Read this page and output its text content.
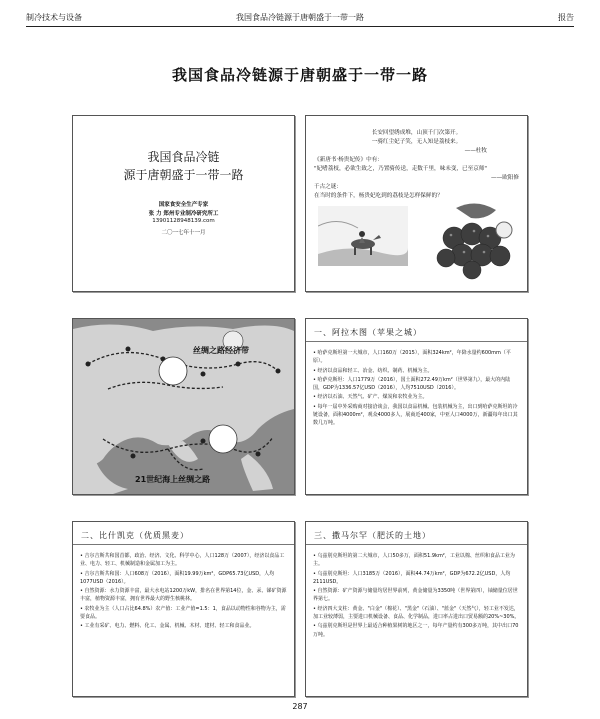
制冷技术与设备	我国食品冷链源于唐朝盛于一带一路	报告
我国食品冷链源于唐朝盛于一带一路
我国食品冷链
源于唐朝盛于一带一路
国家食安全生产专家
张 力 郑州专业制冷研究所工
13901128948139.com
二〇一七年十一月
长安回望绣成堆，山顶千门次第开。
一骑红尘妃子笑，无人知是荔枝来。
——杜牧
《新唐书·杨贵妃传》中有：
"妃嗜荔枝，必欲生致之，乃置骑传送，走数千里，味未变，已至京师"
——欧阳修
千古之谜：
在当时的条件下，杨贵妃吃到的荔枝是怎样保鲜的？
丝绸之路经济带
21世纪海上丝绸之路
一、阿拉木图（苹果之城）
• 哈萨克斯坦第一大城市，人口160万（2015），面积324km²，年降水量约600mm（平原）。
• 经济以食品和轻工、冶金、纺织、制药、机械为主。
• 哈萨克斯坦：人口1779万（2016），国土面积272.49万km²（世界第九），最大的内陆国，GDP为1336.57亿USD（2016），人均7510USD（2016）。
• 经济以石油、天然气、矿产、煤炭和农牧业为主。
• 每年一届中外采购商对接洽谈会，我国以食品机械、包装机械为主，出口到哈萨克斯坦的冷链设备，面积4000m²，观众4000多人，展商近400家，中亚人口4000万，新疆每年出口其数几万吨。
二、比什凯克（优质黑麦）
• 吉尔吉斯共和国首都，政治、经济、文化、科学中心，人口128万（2007），经济以食品工业、电力、轻工、机械制造和金属加工为主。
• 吉尔吉斯共和国：人口608万（2016），面积19.99万km²，GDP65.73亿USD，人均1077USD（2016）。
• 自然资源：水力资源丰富，最大水电站1200万kW，排名在世界第14位，金、汞、锑矿资源丰富，植物资源丰富，拥有世界最大的野生核桃林。
• 农牧业为主（人口占比64.8%）农产值：工业产值=1.5：1，食品以动物性和谷物为主，需要食品。
• 工业有采矿、电力、燃料、化工、金属、机械、木材、建材、轻工和食品业。
三、撒马尔罕（肥沃的土地）
• 乌兹别克斯坦的第二大城市，人口50多万，面积51.9km²，工业以棉、丝织和食品工业为主。
• 乌兹别克斯坦：人口3185万（2016），面积44.74万km²，GDP为672.2亿USD，人均2111USD。
• 自然资源：矿产资源与储量均居世界前列，黄金储量为3350吨（世界第四），铀储量位居世界第七。
• 经济四大支柱：黄金、"白金"（棉花）、"黑金"（石油）、"蓝金"（天然气），轻工业不发达，加工业较薄弱，主要进口机械设备、食品、化学制品，进口率占进出口贸易额的20%~30%。
• 乌兹别克斯坦是世界上最适合种植果树的地区之一，每年产量约有300多万吨，其中出口70万吨。
287
